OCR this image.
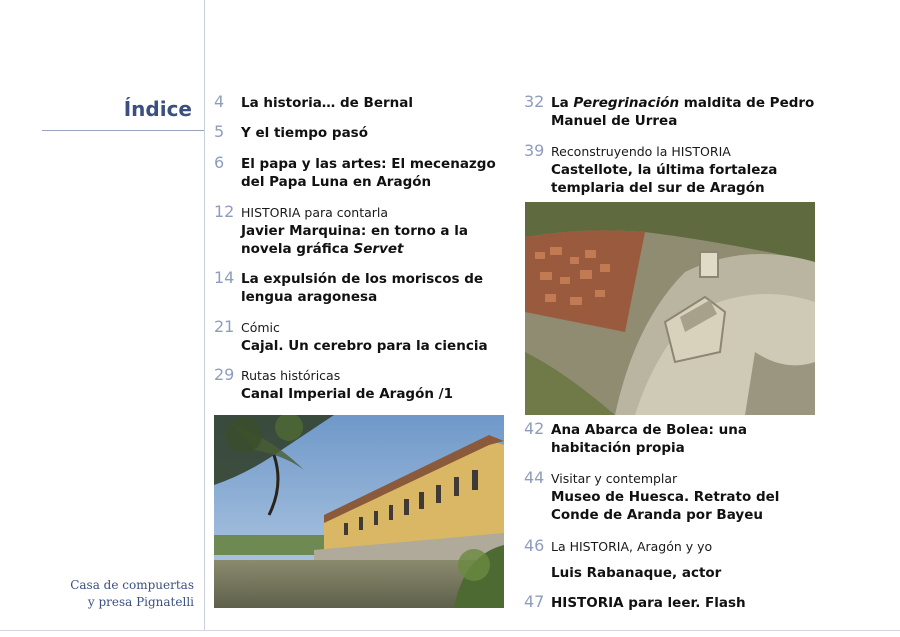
Índice 4 La historia… de Bernal
5 Y el tiempo pasó
6 El papa y las artes: El mecenazgo del Papa Luna en Aragón
12 HISTORIA para contarla
Javier Marquina: en torno a la novela gráfica Servet
14 La expulsión de los moriscos de lengua aragonesa
21 Cómic
Cajal. Un cerebro para la ciencia
29 Rutas históricas
Canal Imperial de Aragón /1
Casa de compuertas y presa Pignatelli
32 La Peregrinación maldita de Pedro Manuel de Urrea
39 Reconstruyendo la HISTORIA
Castellote, la última fortaleza templaria del sur de Aragón
42 Ana Abarca de Bolea: una habitación propia
44 Visitar y contemplar
Museo de Huesca. Retrato del Conde de Aranda por Bayeu
46 La HISTORIA, Aragón y yo
Luis Rabanaque, actor
47 HISTORIA para leer. Flash
